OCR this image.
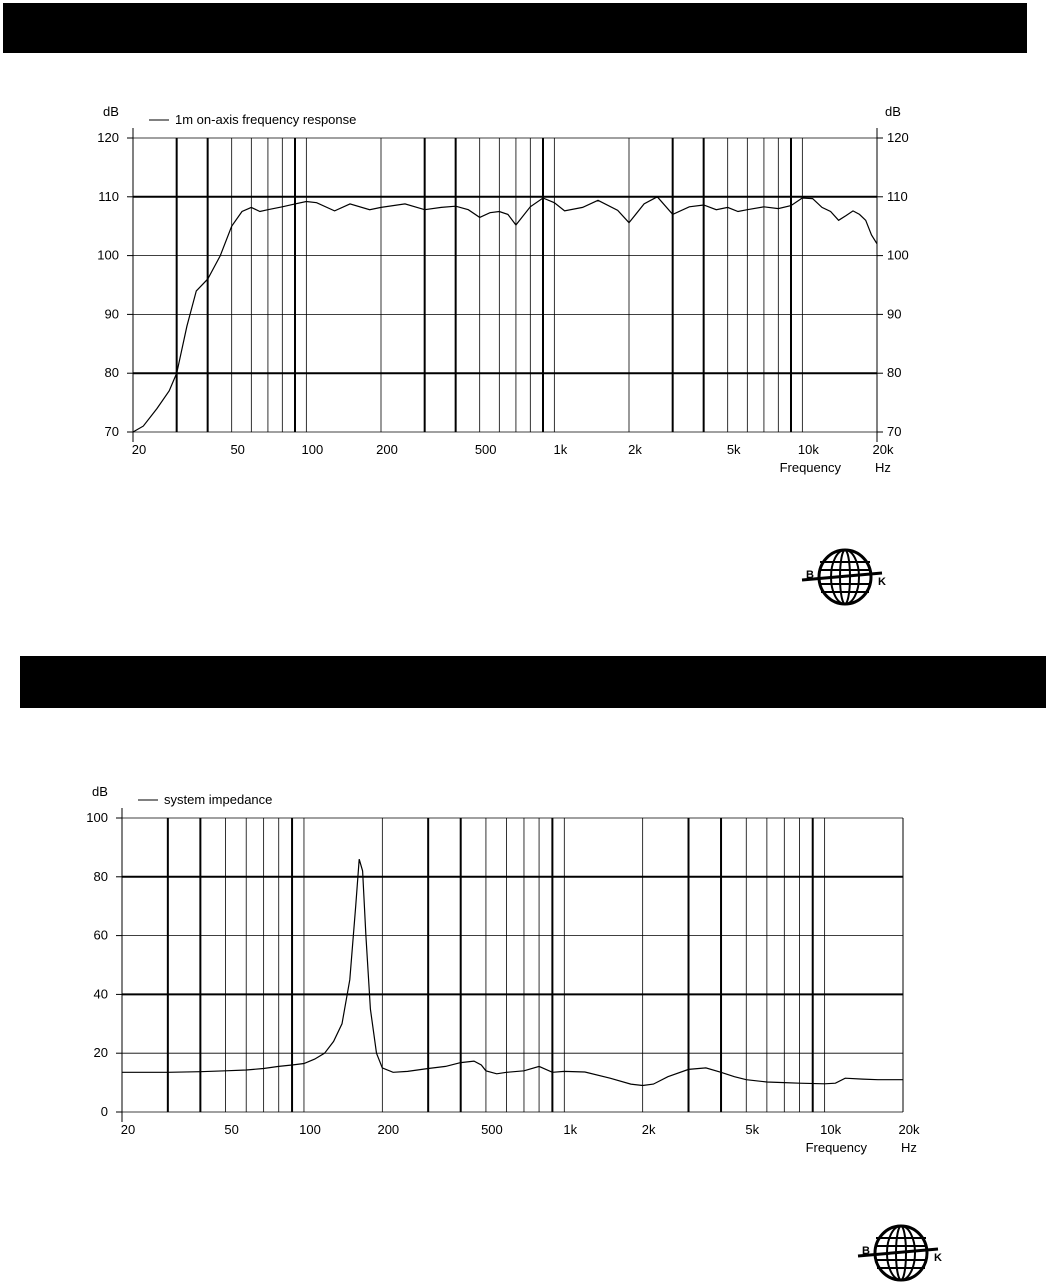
70	70
80	80
90	90
100	100
110	110
120	120
20	50	100	200	500	1k	2k	5k	10k	20k
dB	dB
Frequency	Hz
1m on-axis frequency response
0
20
40
60
80
100
20	50	100	200	500	1k	2k	5k	10k	20k
dB
Frequency	Hz
system impedance
B
K
B
K
